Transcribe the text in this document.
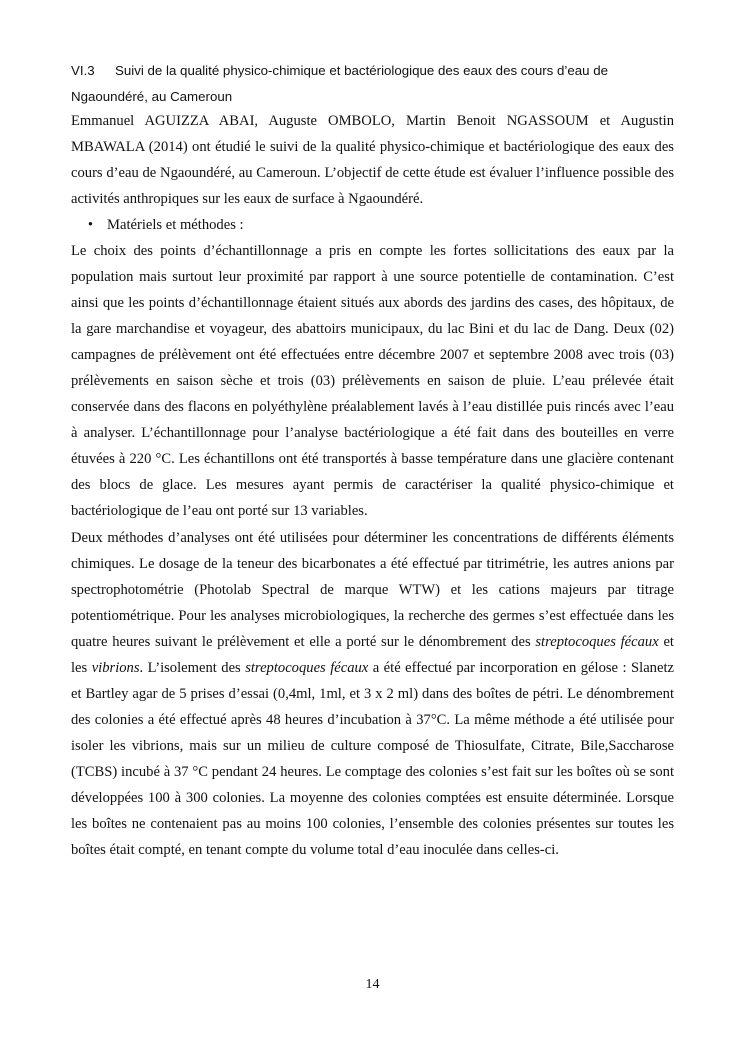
VI.3 Suivi de la qualité physico-chimique et bactériologique des eaux des cours d’eau de Ngaoundéré, au Cameroun

Emmanuel AGUIZZA ABAI, Auguste OMBOLO, Martin Benoit NGASSOUM et Augustin MBAWALA (2014) ont étudié le suivi de la qualité physico-chimique et bactériologique des eaux des cours d’eau de Ngaoundéré, au Cameroun. L’objectif de cette étude est évaluer l’influence possible des activités anthropiques sur les eaux de surface à Ngaoundéré.

• Matériels et méthodes :

Le choix des points d’échantillonnage a pris en compte les fortes sollicitations des eaux par la population mais surtout leur proximité par rapport à une source potentielle de contamination. C’est ainsi que les points d’échantillonnage étaient situés aux abords des jardins des cases, des hôpitaux, de la gare marchandise et voyageur, des abattoirs municipaux, du lac Bini et du lac de Dang. Deux (02) campagnes de prélèvement ont été effectuées entre décembre 2007 et septembre 2008 avec trois (03) prélèvements en saison sèche et trois (03) prélèvements en saison de pluie. L’eau prélevée était conservée dans des flacons en polyéthylène préalablement lavés à l’eau distillée puis rincés avec l’eau à analyser. L’échantillonnage pour l’analyse bactériologique a été fait dans des bouteilles en verre étuvées à 220 °C. Les échantillons ont été transportés à basse température dans une glacière contenant des blocs de glace. Les mesures ayant permis de caractériser la qualité physico-chimique et bactériologique de l’eau ont porté sur 13 variables.

Deux méthodes d’analyses ont été utilisées pour déterminer les concentrations de différents éléments chimiques. Le dosage de la teneur des bicarbonates a été effectué par titrimétrie, les autres anions par spectrophotométrie (Photolab Spectral de marque WTW) et les cations majeurs par titrage potentiométrique. Pour les analyses microbiologiques, la recherche des germes s’est effectuée dans les quatre heures suivant le prélèvement et elle a porté sur le dénombrement des streptocoques fécaux et les vibrions. L’isolement des streptocoques fécaux a été effectué par incorporation en gélose : Slanetz et Bartley agar de 5 prises d’essai (0,4ml, 1ml, et 3 x 2 ml) dans des boîtes de pétri. Le dénombrement des colonies a été effectué après 48 heures d’incubation à 37°C. La même méthode a été utilisée pour isoler les vibrions, mais sur un milieu de culture composé de Thiosulfate, Citrate, Bile,Saccharose (TCBS) incubé à 37 °C pendant 24 heures. Le comptage des colonies s’est fait sur les boîtes où se sont développées 100 à 300 colonies. La moyenne des colonies comptées est ensuite déterminée. Lorsque les boîtes ne contenaient pas au moins 100 colonies, l’ensemble des colonies présentes sur toutes les boîtes était compté, en tenant compte du volume total d’eau inoculée dans celles-ci.

14
